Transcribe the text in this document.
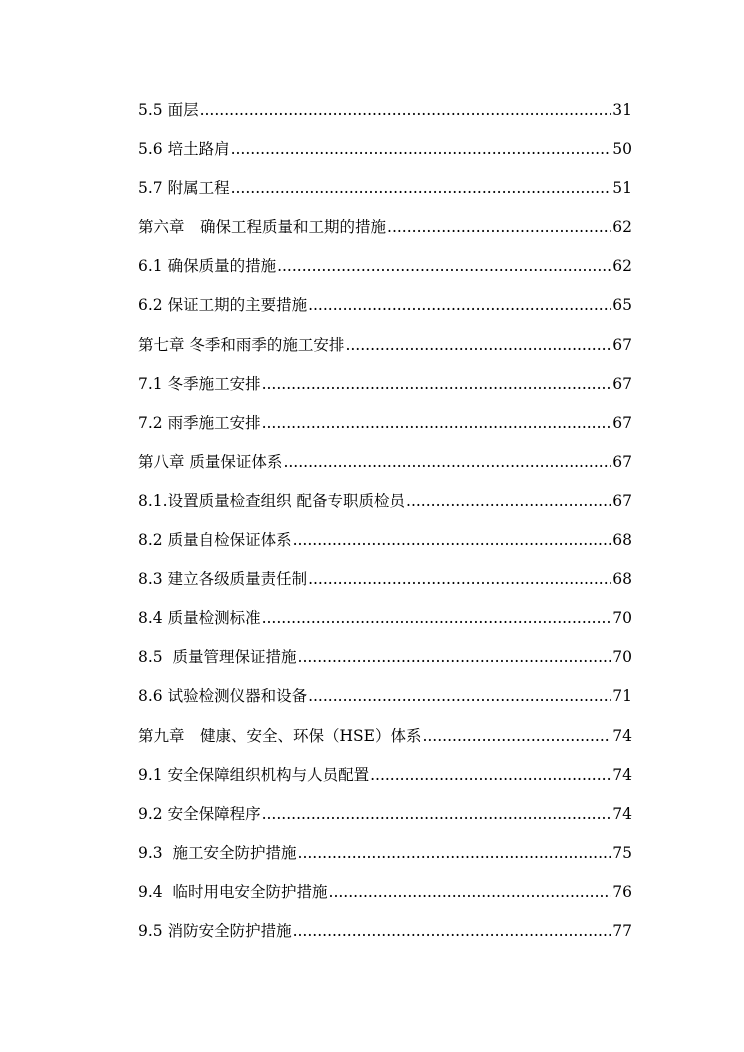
5.5 面层 .....	31
5.6 培土路肩 .....	50
5.7 附属工程 .....	51
第六章　确保工程质量和工期的措施 .....	62
6.1 确保质量的措施 .....	62
6.2 保证工期的主要措施 .....	65
第七章 冬季和雨季的施工安排 .....	67
7.1 冬季施工安排 .....	67
7.2 雨季施工安排 .....	67
第八章 质量保证体系 .....	67
8.1.设置质量检查组织 配备专职质检员 .....	67
8.2 质量自检保证体系 .....	68
8.3 建立各级质量责任制 .....	68
8.4 质量检测标准 .....	70
8.5  质量管理保证措施 .....	70
8.6 试验检测仪器和设备 .....	71
第九章　健康、安全、环保（HSE）体系 .....	74
9.1 安全保障组织机构与人员配置 .....	74
9.2 安全保障程序 .....	74
9.3  施工安全防护措施 .....	75
9.4  临时用电安全防护措施 .....	76
9.5 消防安全防护措施 .....	77
